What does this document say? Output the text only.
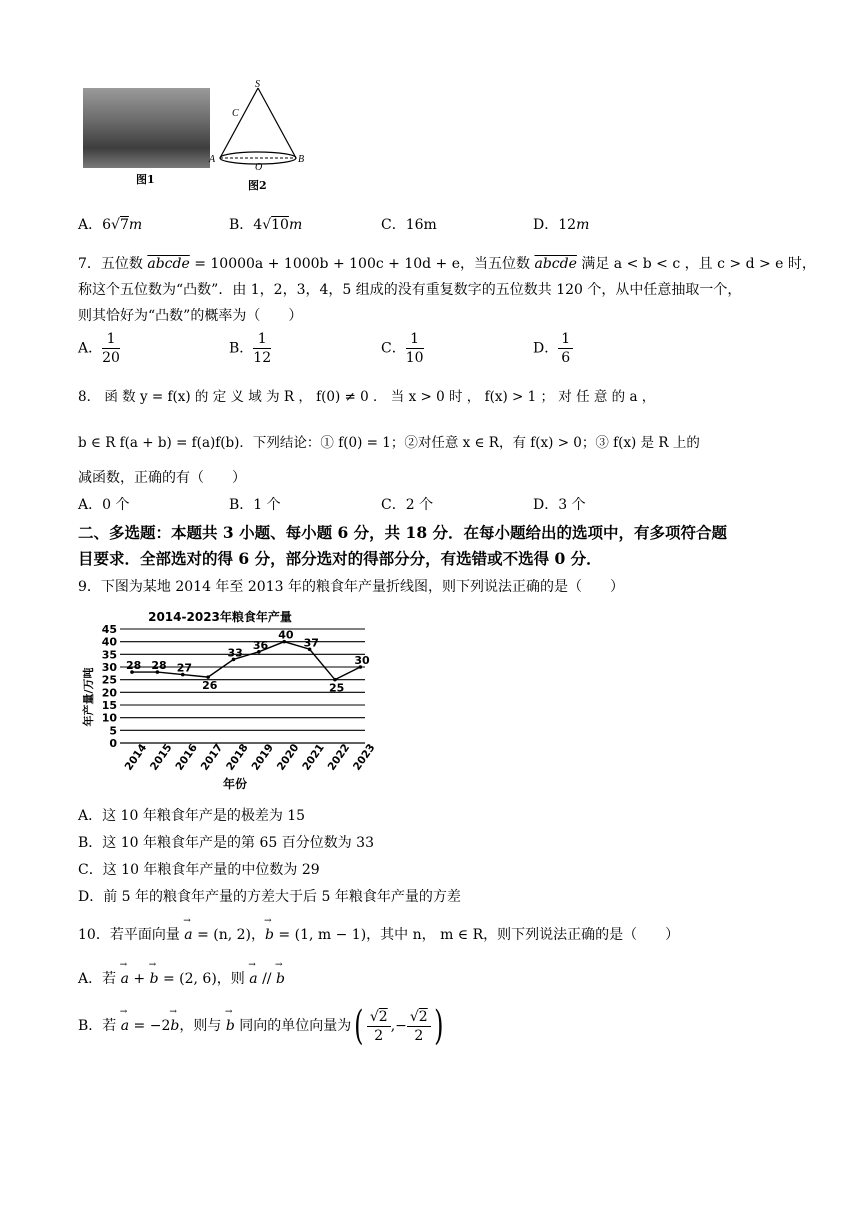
图1
S
C
A
O
B
图2
A．6√7m	B．4√10m	C．16m	D．12m
7．五位数 abcde = 10000a + 1000b + 100c + 10d + e，当五位数 abcde 满足 a < b < c ，且 c > d > e 时，
称这个五位数为“凸数”．由 1，2，3，4，5 组成的没有重复数字的五位数共 120 个，从中任意抽取一个，
则其恰好为“凸数”的概率为（　　）
A． $\frac{1}{20}$	B． $\frac{1}{12}$	C． $\frac{1}{10}$	D． $\frac{1}{6}$
8． 函 数 y = f(x) 的 定 义 域 为 R ， f(0) ≠ 0 ． 当 x > 0 时 ， f(x) > 1 ； 对 任 意 的 a ，
b ∈ R f(a + b) = f(a)f(b)．下列结论：① f(0) = 1；②对任意 x ∈ R，有 f(x) > 0；③ f(x) 是 R 上的
减函数，正确的有（　　）
A．0 个	B．1 个	C．2 个	D．3 个
二、多选题：本题共 3 小题、每小题 6 分，共 18 分．在每小题给出的选项中，有多项符合题
目要求．全部选对的得 6 分，部分选对的得部分分，有选错或不选得 0 分．
9．下图为某地 2014 年至 2013 年的粮食年产量折线图，则下列说法正确的是（　　）
0
5
10
15
20
25
30
35
40
45
2014
2015
2016
2017
2018
2019
2020
2021
2022
2023
28 28 27
26
33
36
40
37
25
30
2014-2023年粮食年产量
年产量/万吨
年份
A．这 10 年粮食年产是的极差为 15
B．这 10 年粮食年产是的第 65 百分位数为 33
C．这 10 年粮食年产量的中位数为 29
D．前 5 年的粮食年产量的方差大于后 5 年粮食年产量的方差
10．若平面向量 → a = (n, 2)，→ b = (1, m − 1)，其中 n， m ∈ R，则下列说法正确的是（　　）
A．若 → a + → b = (2, 6)，则 → a // → b
B．若 → a = −2→ b，则与 → b 同向的单位向量为( $\frac{√2}{2}$ ,− $\frac{√2}{2}$ )
